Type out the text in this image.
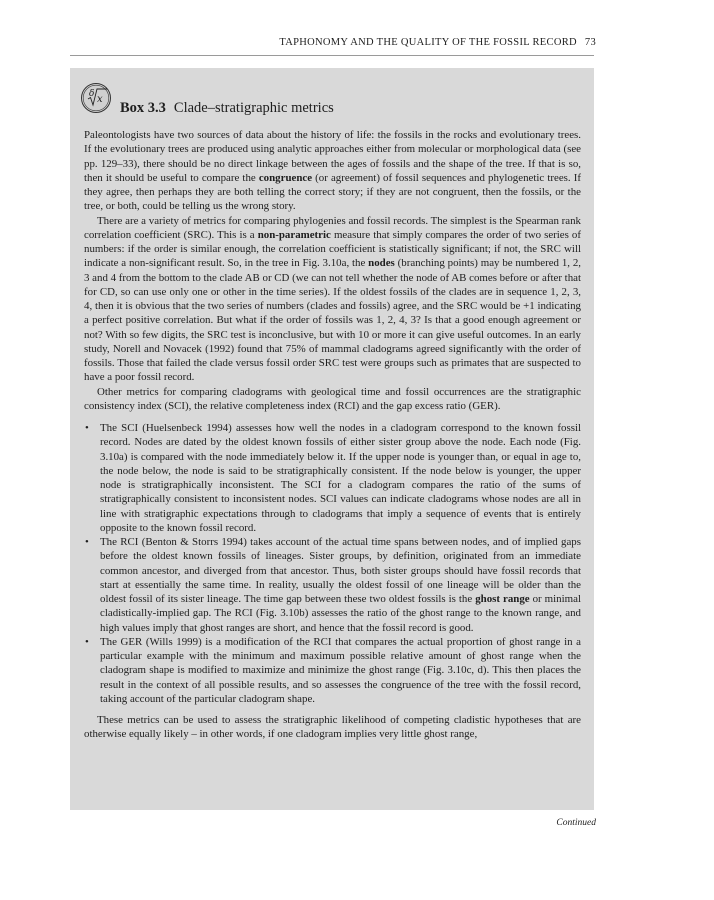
TAPHONOMY AND THE QUALITY OF THE FOSSIL RECORD 73
δ x
Box 3.3 Clade–stratigraphic metrics

Paleontologists have two sources of data about the history of life: the fossils in the rocks and evolutionary trees. If the evolutionary trees are produced using analytic approaches either from molecular or morphological data (see pp. 129–33), there should be no direct linkage between the ages of fossils and the shape of the tree. If that is so, then it should be useful to compare the congruence (or agreement) of fossil sequences and phylogenetic trees. If they agree, then perhaps they are both telling the correct story; if they are not congruent, then the fossils, or the tree, or both, could be telling us the wrong story.

There are a variety of metrics for comparing phylogenies and fossil records. The simplest is the Spearman rank correlation coefficient (SRC). This is a non-parametric measure that simply compares the order of two series of numbers: if the order is similar enough, the correlation coefficient is statistically significant; if not, the SRC will indicate a non-significant result. So, in the tree in Fig. 3.10a, the nodes (branching points) may be numbered 1, 2, 3 and 4 from the bottom to the clade AB or CD (we can not tell whether the node of AB comes before or after that for CD, so can use only one or other in the time series). If the oldest fossils of the clades are in sequence 1, 2, 3, 4, then it is obvious that the two series of numbers (clades and fossils) agree, and the SRC would be +1 indicating a perfect positive correlation. But what if the order of fossils was 1, 2, 4, 3? Is that a good enough agreement or not? With so few digits, the SRC test is inconclusive, but with 10 or more it can give useful outcomes. In an early study, Norell and Novacek (1992) found that 75% of mammal cladograms agreed significantly with the order of fossils. Those that failed the clade versus fossil order SRC test were groups such as primates that are suspected to have a poor fossil record.

Other metrics for comparing cladograms with geological time and fossil occurrences are the stratigraphic consistency index (SCI), the relative completeness index (RCI) and the gap excess ratio (GER).

• The SCI (Huelsenbeck 1994) assesses how well the nodes in a cladogram correspond to the known fossil record. Nodes are dated by the oldest known fossils of either sister group above the node. Each node (Fig. 3.10a) is compared with the node immediately below it. If the upper node is younger than, or equal in age to, the node below, the node is said to be stratigraphically consistent. If the node below is younger, the upper node is stratigraphically inconsistent. The SCI for a cladogram compares the ratio of the sums of stratigraphically consistent to inconsistent nodes. SCI values can indicate cladograms whose nodes are all in line with stratigraphic expectations through to cladograms that imply a sequence of events that is entirely opposite to the known fossil record.
• The RCI (Benton & Storrs 1994) takes account of the actual time spans between nodes, and of implied gaps before the oldest known fossils of lineages. Sister groups, by definition, originated from an immediate common ancestor, and diverged from that ancestor. Thus, both sister groups should have fossil records that start at essentially the same time. In reality, usually the oldest fossil of one lineage will be older than the oldest fossil of its sister lineage. The time gap between these two oldest fossils is the ghost range or minimal cladistically-implied gap. The RCI (Fig. 3.10b) assesses the ratio of the ghost range to the known range, and high values imply that ghost ranges are short, and hence that the fossil record is good.
• The GER (Wills 1999) is a modification of the RCI that compares the actual proportion of ghost range in a particular example with the minimum and maximum possible relative amount of ghost range when the cladogram shape is modified to maximize and minimize the ghost range (Fig. 3.10c, d). This then places the result in the context of all possible results, and so assesses the congruence of the tree with the fossil record, taking account of the particular cladogram shape.

These metrics can be used to assess the stratigraphic likelihood of competing cladistic hypotheses that are otherwise equally likely – in other words, if one cladogram implies very little ghost range,

Continued
